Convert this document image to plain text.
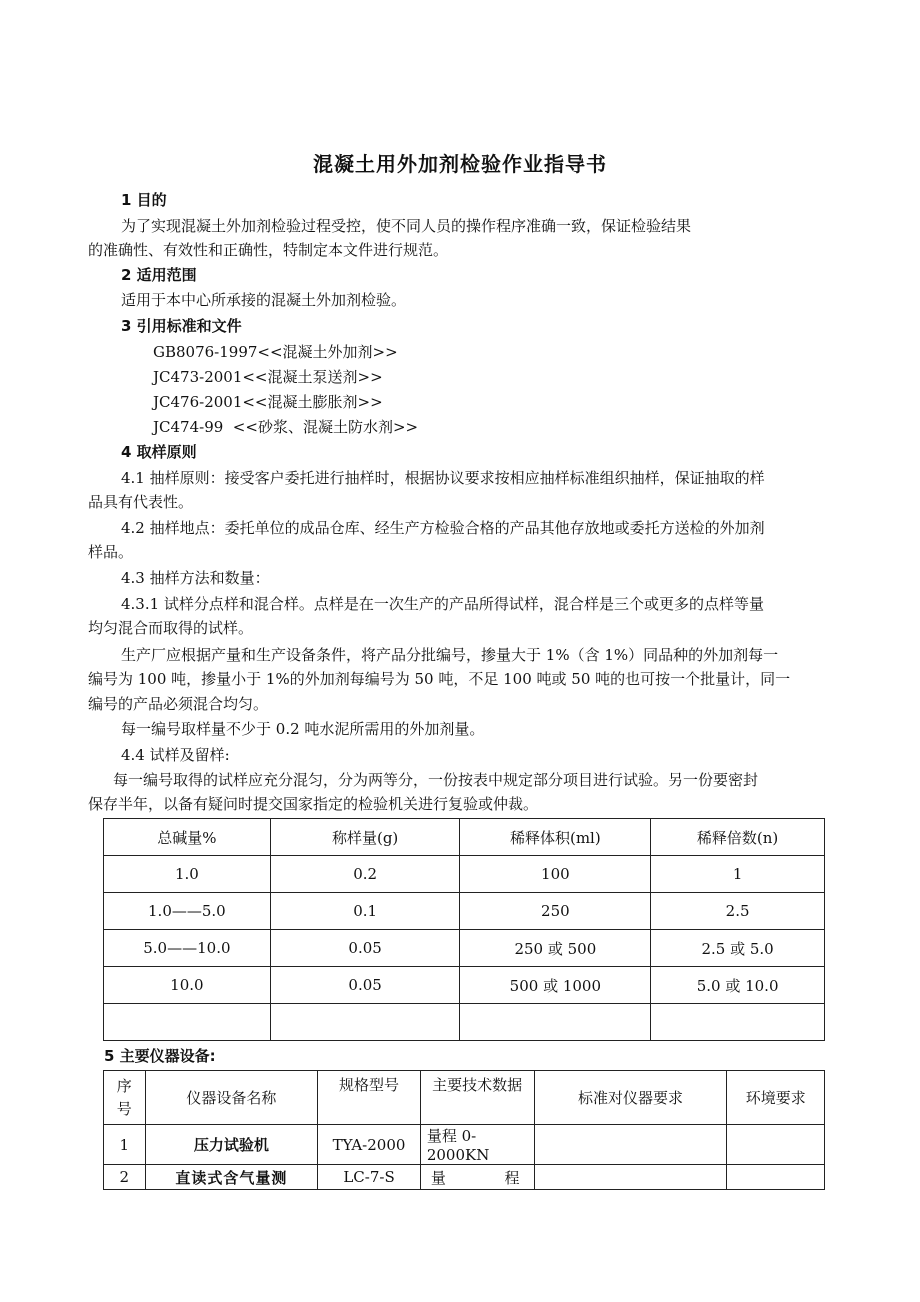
混凝土用外加剂检验作业指导书
1 目的
为了实现混凝土外加剂检验过程受控，使不同人员的操作程序准确一致，保证检验结果
的准确性、有效性和正确性，特制定本文件进行规范。
2 适用范围
适用于本中心所承接的混凝土外加剂检验。
3 引用标准和文件
GB8076-1997<<混凝土外加剂>>
JC473-2001<<混凝土泵送剂>>
JC476-2001<<混凝土膨胀剂>>
JC474-99  <<砂浆、混凝土防水剂>>
4 取样原则
4.1 抽样原则：接受客户委托进行抽样时，根据协议要求按相应抽样标准组织抽样，保证抽取的样
品具有代表性。
4.2 抽样地点：委托单位的成品仓库、经生产方检验合格的产品其他存放地或委托方送检的外加剂
样品。
4.3 抽样方法和数量：
4.3.1 试样分点样和混合样。点样是在一次生产的产品所得试样，混合样是三个或更多的点样等量
均匀混合而取得的试样。
生产厂应根据产量和生产设备条件，将产品分批编号，掺量大于 1%（含 1%）同品种的外加剂每一
编号为 100 吨，掺量小于 1%的外加剂每编号为 50 吨，不足 100 吨或 50 吨的也可按一个批量计，同一
编号的产品必须混合均匀。
每一编号取样量不少于 0.2 吨水泥所需用的外加剂量。
4.4 试样及留样:
每一编号取得的试样应充分混匀，分为两等分，一份按表中规定部分项目进行试验。另一份要密封
保存半年，以备有疑问时提交国家指定的检验机关进行复验或仲裁。
总碱量%	称样量(g)	稀释体积(ml)	稀释倍数(n)
1.0	0.2	100	1
1.0——5.0	0.1	250	2.5
5.0——10.0	0.05	250 或 500	2.5 或 5.0
10.0	0.05	500 或 1000	5.0 或 10.0

5 主要仪器设备:
序
号	仪器设备名称	规格型号	主要技术数据	标准对仪器要求	环境要求
1	压力试验机	TYA-2000	量程 0-2000KN		
2	直读式含气量测	LC-7-S	量 程		
